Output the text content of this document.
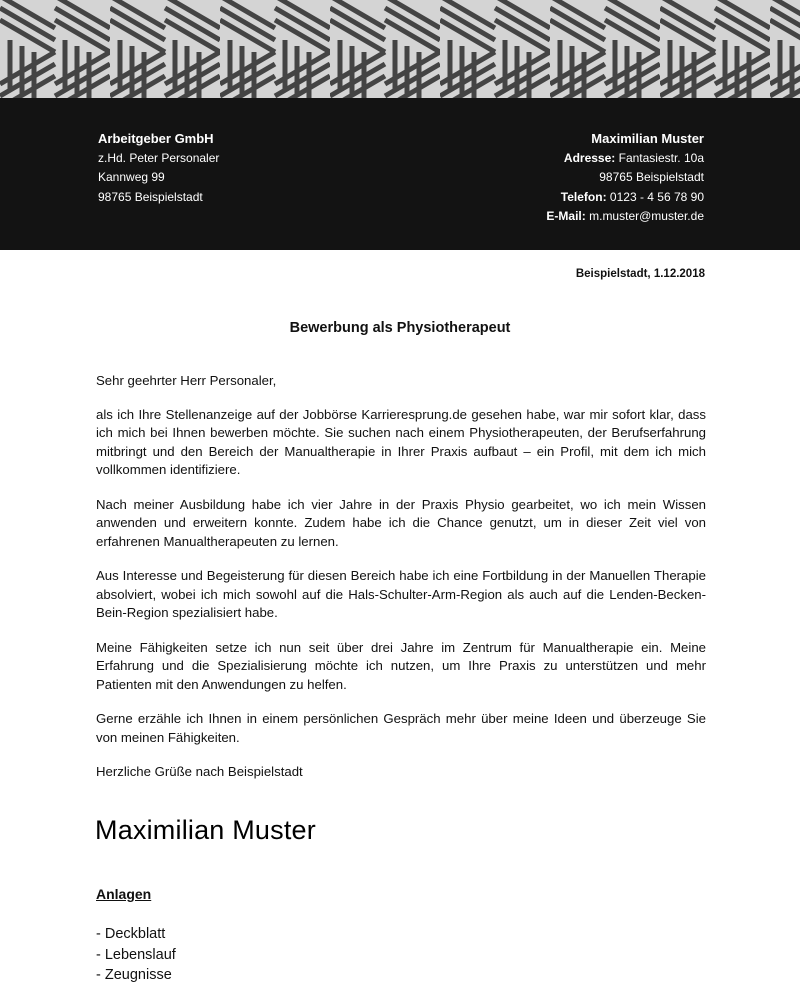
Arbeitgeber GmbH
z.Hd. Peter Personaler
Kannweg 99
98765 Beispielstadt
Maximilian Muster
Adresse: Fantasiestr. 10a
98765 Beispielstadt
Telefon: 0123 - 4 56 78 90
E-Mail: m.muster@muster.de
Beispielstadt, 1.12.2018
Bewerbung als Physiotherapeut

Sehr geehrter Herr Personaler,

als ich Ihre Stellenanzeige auf der Jobbörse Karrieresprung.de gesehen habe, war mir sofort klar, dass ich mich bei Ihnen bewerben möchte. Sie suchen nach einem Physiotherapeuten, der Berufserfahrung mitbringt und den Bereich der Manualtherapie in Ihrer Praxis aufbaut – ein Profil, mit dem ich mich vollkommen identifiziere.

Nach meiner Ausbildung habe ich vier Jahre in der Praxis Physio gearbeitet, wo ich mein Wissen anwenden und erweitern konnte. Zudem habe ich die Chance genutzt, um in dieser Zeit viel von erfahrenen Manualtherapeuten zu lernen.

Aus Interesse und Begeisterung für diesen Bereich habe ich eine Fortbildung in der Manuellen Therapie absolviert, wobei ich mich sowohl auf die Hals-Schulter-Arm-Region als auch auf die Lenden-Becken-Bein-Region spezialisiert habe.

Meine Fähigkeiten setze ich nun seit über drei Jahre im Zentrum für Manualtherapie ein. Meine Erfahrung und die Spezialisierung möchte ich nutzen, um Ihre Praxis zu unterstützen und mehr Patienten mit den Anwendungen zu helfen.

Gerne erzähle ich Ihnen in einem persönlichen Gespräch mehr über meine Ideen und überzeuge Sie von meinen Fähigkeiten.

Herzliche Grüße nach Beispielstadt

Maximilian Muster
Anlagen
- Deckblatt
- Lebenslauf
- Zeugnisse
